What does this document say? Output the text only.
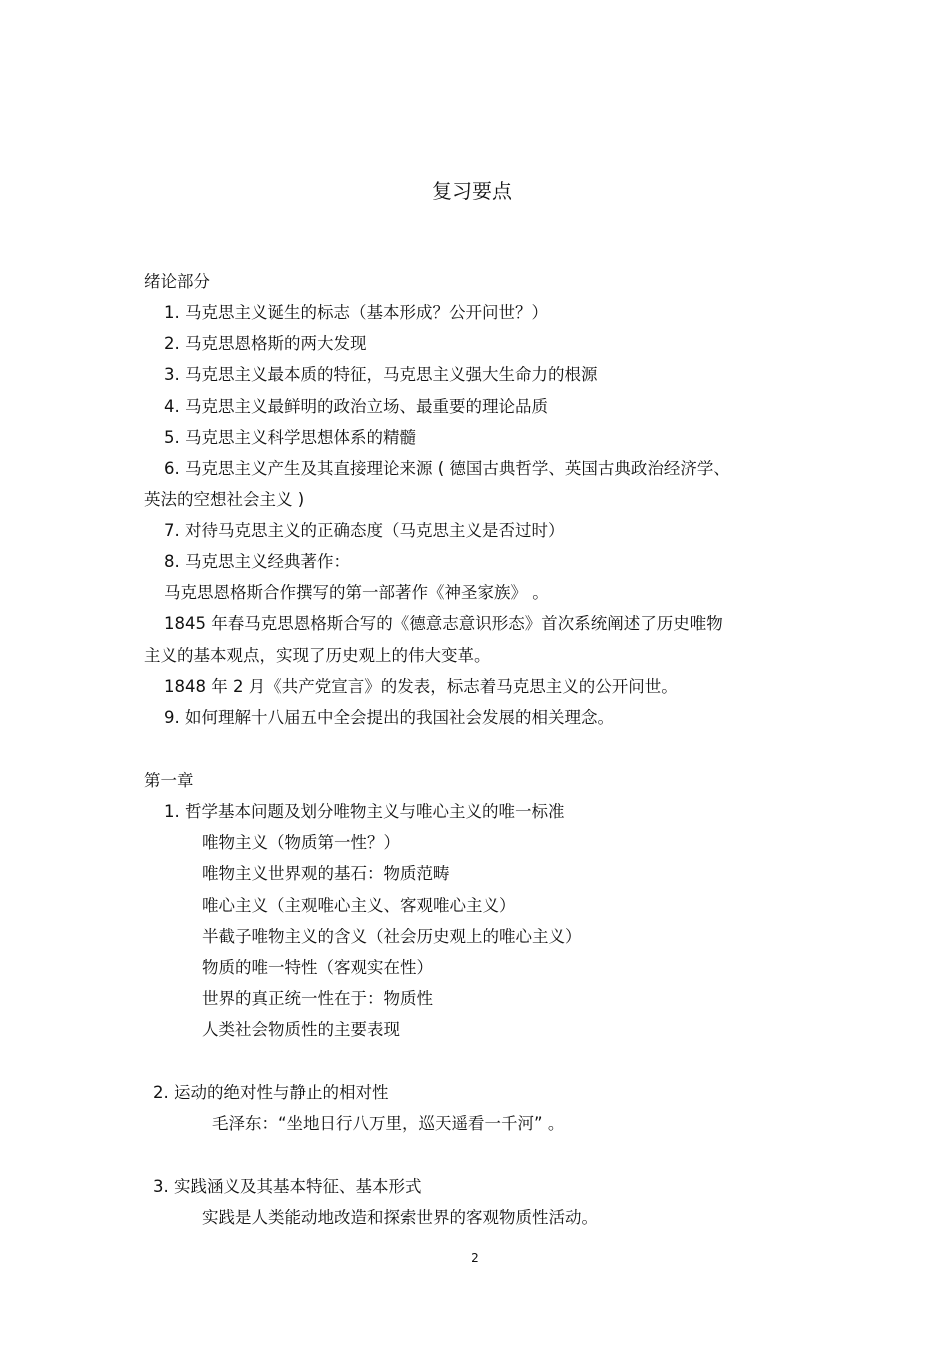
复习要点

绪论部分

1. 马克思主义诞生的标志（基本形成？公开问世？）

2. 马克思恩格斯的两大发现

3. 马克思主义最本质的特征，马克思主义强大生命力的根源

4. 马克思主义最鲜明的政治立场、最重要的理论品质

5. 马克思主义科学思想体系的精髓

6. 马克思主义产生及其直接理论来源 ( 德国古典哲学、英国古典政治经济学、

英法的空想社会主义 )

7. 对待马克思主义的正确态度（马克思主义是否过时）

8. 马克思主义经典著作：

马克思恩格斯合作撰写的第一部著作《神圣家族》 。

1845 年春马克思恩格斯合写的《德意志意识形态》首次系统阐述了历史唯物

主义的基本观点，实现了历史观上的伟大变革。

1848 年 2 月《共产党宣言》的发表，标志着马克思主义的公开问世。

9. 如何理解十八届五中全会提出的我国社会发展的相关理念。

第一章

1. 哲学基本问题及划分唯物主义与唯心主义的唯一标准

唯物主义（物质第一性？）

唯物主义世界观的基石：物质范畴

唯心主义（主观唯心主义、客观唯心主义）

半截子唯物主义的含义（社会历史观上的唯心主义）

物质的唯一特性（客观实在性）

世界的真正统一性在于：物质性

人类社会物质性的主要表现

2. 运动的绝对性与静止的相对性

毛泽东：“坐地日行八万里，巡天遥看一千河” 。

3. 实践涵义及其基本特征、基本形式

实践是人类能动地改造和探索世界的客观物质性活动。

2
